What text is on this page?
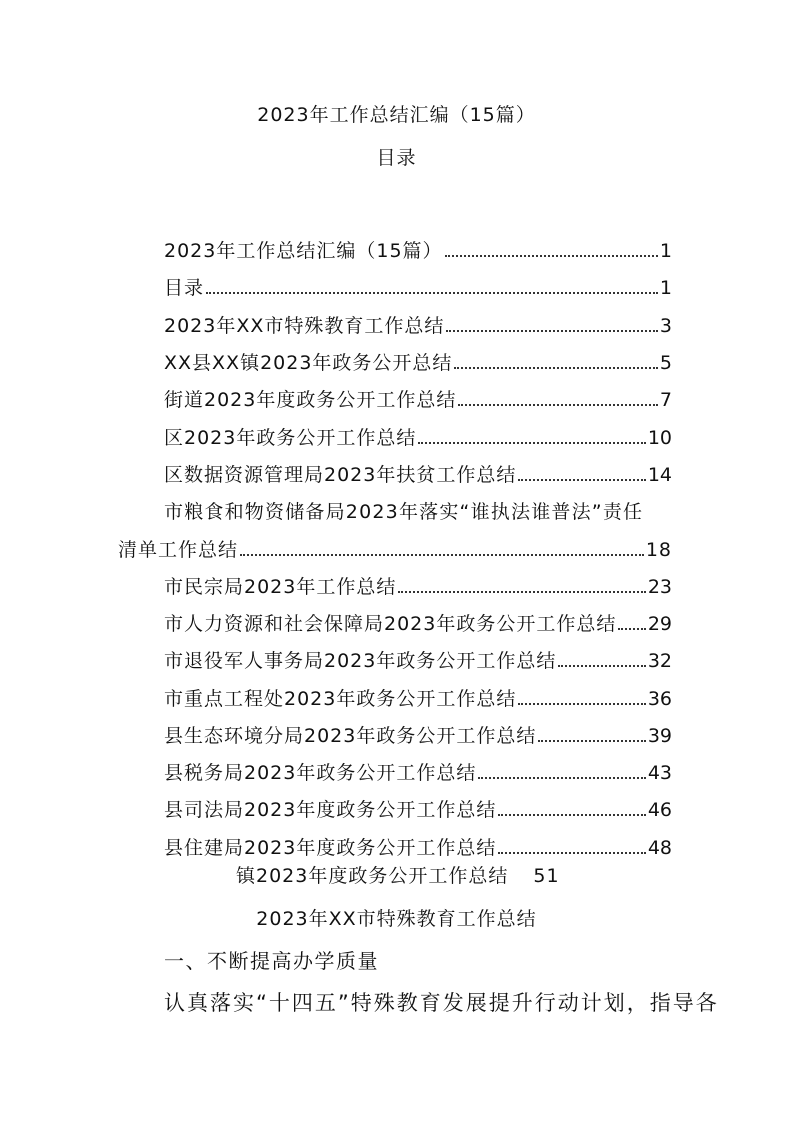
2023年工作总结汇编（15篇）
目录
2023年工作总结汇编（15篇）	1
目录	1
2023年XX市特殊教育工作总结	3
XX县XX镇2023年政务公开总结	5
街道2023年度政务公开工作总结	7
区2023年政务公开工作总结	10
区数据资源管理局2023年扶贫工作总结	14
市粮食和物资储备局2023年落实“谁执法谁普法”责任
清单工作总结	18
市民宗局2023年工作总结	23
市人力资源和社会保障局2023年政务公开工作总结 29
市退役军人事务局2023年政务公开工作总结	32
市重点工程处2023年政务公开工作总结	36
县生态环境分局2023年政务公开工作总结	39
县税务局2023年政务公开工作总结	43
县司法局2023年度政务公开工作总结	46
县住建局2023年度政务公开工作总结	48
镇2023年度政务公开工作总结 51
2023年XX市特殊教育工作总结
一、不断提高办学质量
认真落实“十四五”特殊教育发展提升行动计划，指导各
